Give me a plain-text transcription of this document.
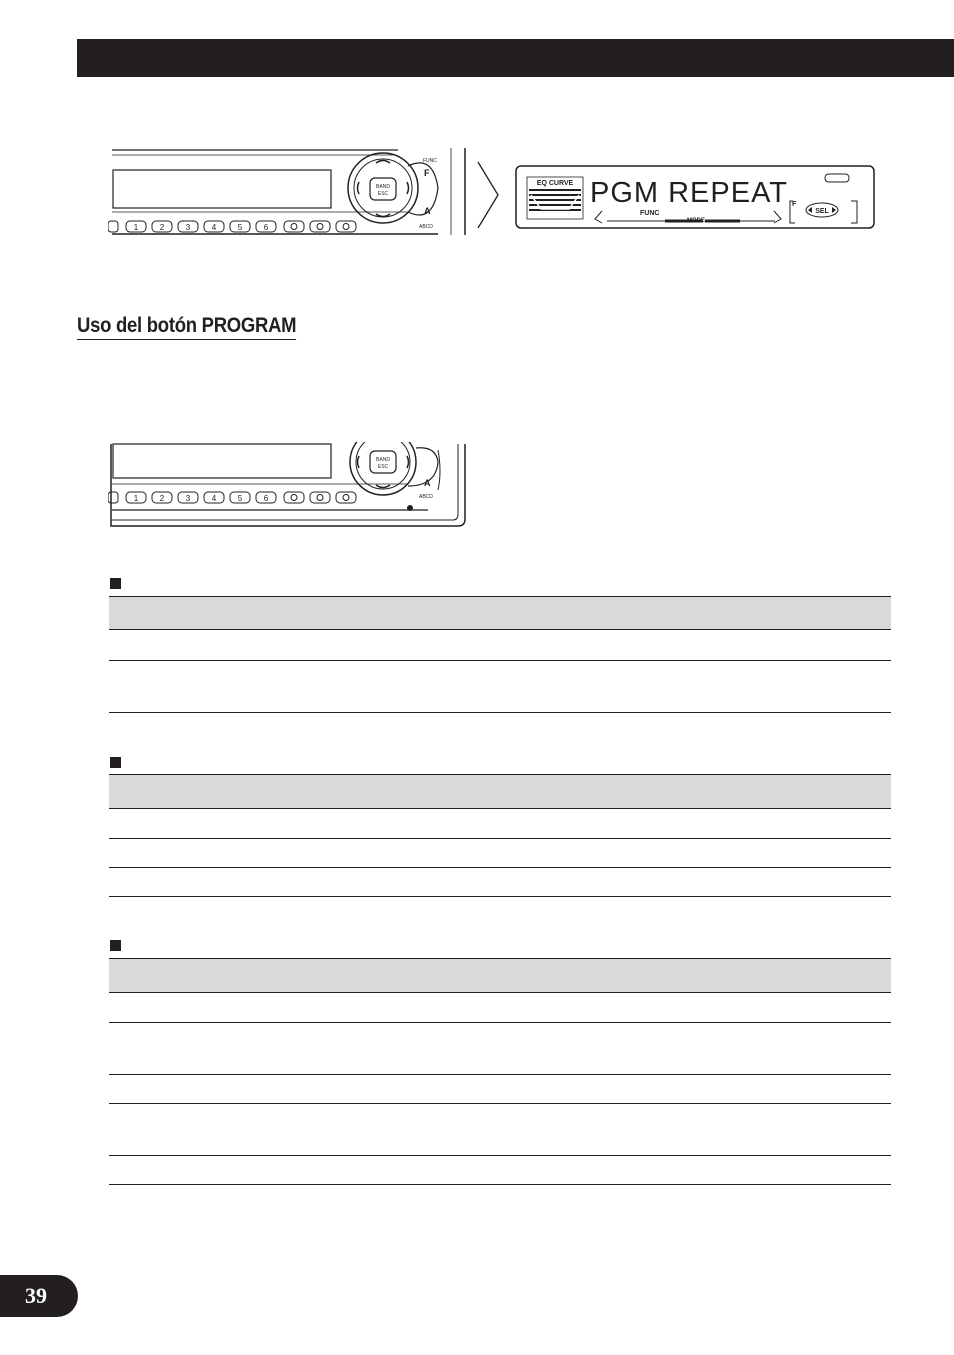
BAND
ESC
FUNC
F
A
ABCD
1	2	3	4	5	6
EQ CURVE PGM REPEAT
FUNC
MODE
F
SEL
Uso del botón PROGRAM
BAND
ESC
A
ABCD
1	2	3	4	5	6
39
